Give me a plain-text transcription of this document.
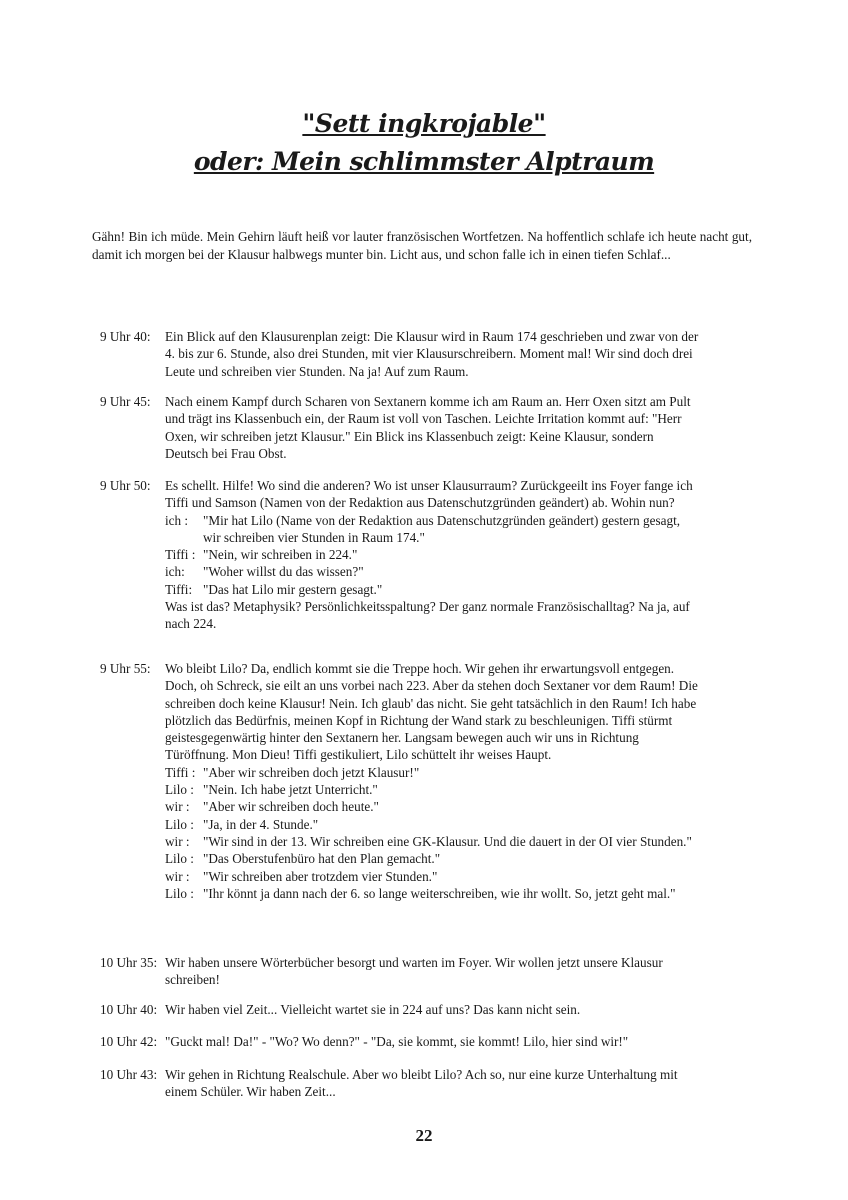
"Sett ingkrojable"
oder: Mein schlimmster Alptraum
Gähn! Bin ich müde. Mein Gehirn läuft heiß vor lauter französischen Wortfetzen. Na hoffentlich schlafe ich heute nacht gut, damit ich morgen bei der Klausur halbwegs munter bin. Licht aus, und schon falle ich in einen tiefen Schlaf...
9 Uhr 40: Ein Blick auf den Klausurenplan zeigt: Die Klausur wird in Raum 174 geschrieben und zwar von der 4. bis zur 6. Stunde, also drei Stunden, mit vier Klausurschreibern. Moment mal! Wir sind doch drei Leute und schreiben vier Stunden. Na ja! Auf zum Raum.

9 Uhr 45: Nach einem Kampf durch Scharen von Sextanern komme ich am Raum an. Herr Oxen sitzt am Pult und trägt ins Klassenbuch ein, der Raum ist voll von Taschen. Leichte Irritation kommt auf: "Herr Oxen, wir schreiben jetzt Klausur." Ein Blick ins Klassenbuch zeigt: Keine Klausur, sondern Deutsch bei Frau Obst.

9 Uhr 50: Es schellt. Hilfe! Wo sind die anderen? Wo ist unser Klausurraum? Zurückgeeilt ins Foyer fange ich Tiffi und Samson (Namen von der Redaktion aus Datenschutzgründen geändert) ab. Wohin nun?

ich :	"Mir hat Lilo (Name von der Redaktion aus Datenschutzgründen geändert) gestern gesagt, wir schreiben vier Stunden in Raum 174."
Tiffi : "Nein, wir schreiben in 224."
ich:	"Woher willst du das wissen?"
Tiffi: "Das hat Lilo mir gestern gesagt."

Was ist das? Metaphysik? Persönlichkeitsspaltung? Der ganz normale Französischalltag? Na ja, auf nach 224.

9 Uhr 55: Wo bleibt Lilo? Da, endlich kommt sie die Treppe hoch. Wir gehen ihr erwartungsvoll entgegen. Doch, oh Schreck, sie eilt an uns vorbei nach 223. Aber da stehen doch Sextaner vor dem Raum! Die schreiben doch keine Klausur! Nein. Ich glaub' das nicht. Sie geht tatsächlich in den Raum! Ich habe plötzlich das Bedürfnis, meinen Kopf in Richtung der Wand stark zu beschleunigen. Tiffi stürmt geistesgegenwärtig hinter den Sextanern her. Langsam bewegen auch wir uns in Richtung Türöffnung. Mon Dieu! Tiffi gestikuliert, Lilo schüttelt ihr weises Haupt.

Tiffi : "Aber wir schreiben doch jetzt Klausur!"
Lilo : "Nein. Ich habe jetzt Unterricht."
wir :	"Aber wir schreiben doch heute."
Lilo : "Ja, in der 4. Stunde."
wir :	"Wir sind in der 13. Wir schreiben eine GK-Klausur. Und die dauert in der OI vier Stunden."
Lilo : "Das Oberstufenbüro hat den Plan gemacht."
wir :	"Wir schreiben aber trotzdem vier Stunden."
Lilo : "Ihr könnt ja dann nach der 6. so lange weiterschreiben, wie ihr wollt. So, jetzt geht mal."
10 Uhr 35: Wir haben unsere Wörterbücher besorgt und warten im Foyer. Wir wollen jetzt unsere Klausur schreiben!

10 Uhr 40: Wir haben viel Zeit... Vielleicht wartet sie in 224 auf uns? Das kann nicht sein.

10 Uhr 42: "Guckt mal! Da!" - "Wo? Wo denn?" - "Da, sie kommt, sie kommt! Lilo, hier sind wir!"

10 Uhr 43: Wir gehen in Richtung Realschule. Aber wo bleibt Lilo? Ach so, nur eine kurze Unterhaltung mit einem Schüler. Wir haben Zeit...

22
